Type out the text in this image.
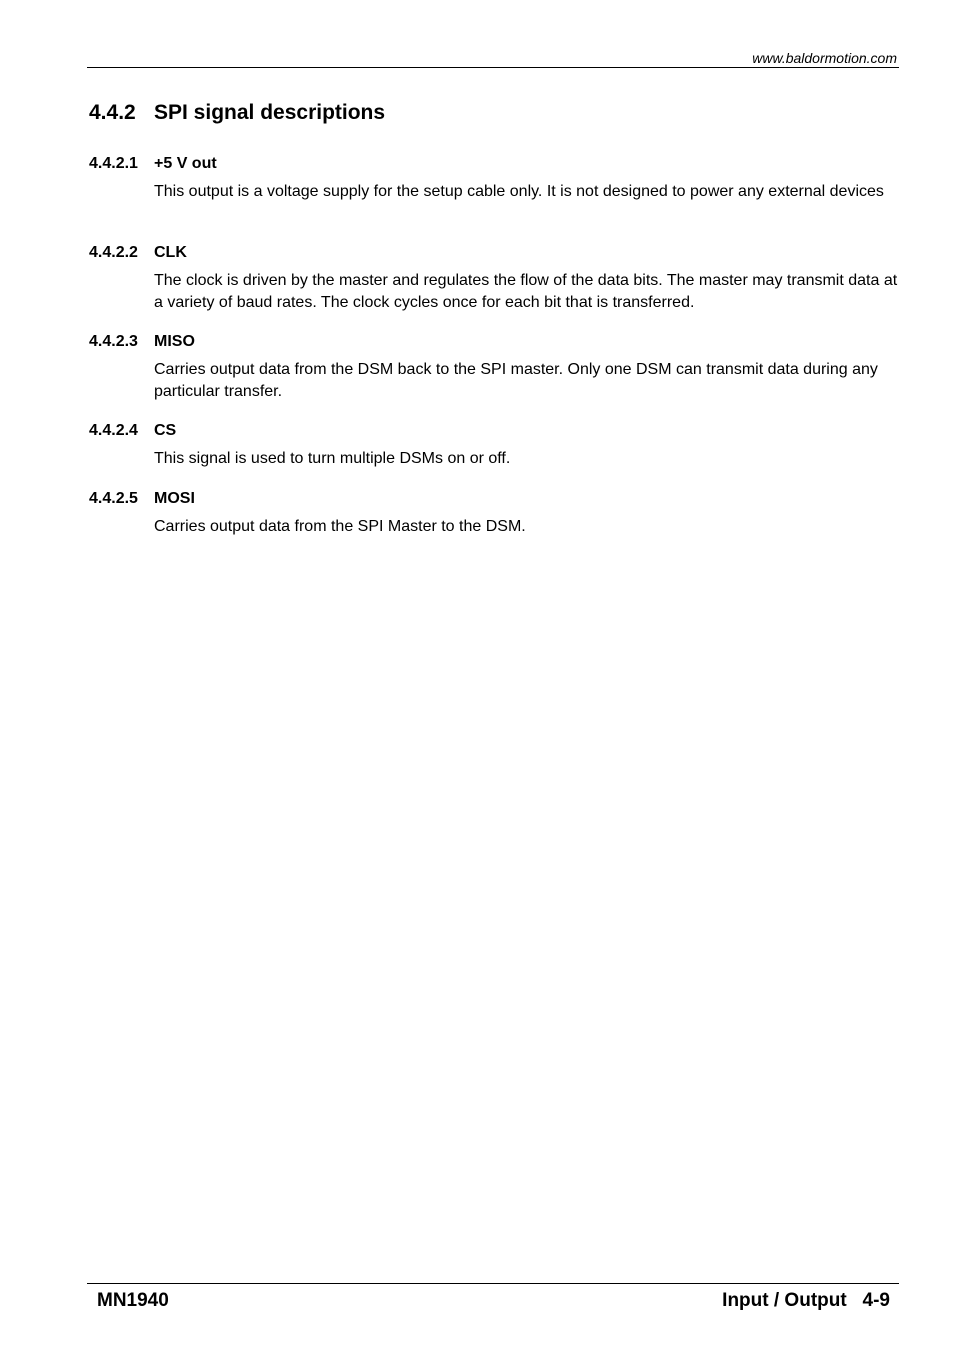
www.baldormotion.com
4.4.2 SPI signal descriptions
4.4.2.1 +5 V out
This output is a voltage supply for the setup cable only. It is not designed to power any external devices
4.4.2.2 CLK
The clock is driven by the master and regulates the flow of the data bits. The master may transmit data at a variety of baud rates. The clock cycles once for each bit that is transferred.
4.4.2.3 MISO
Carries output data from the DSM back to the SPI master. Only one DSM can transmit data during any particular transfer.
4.4.2.4 CS
This signal is used to turn multiple DSMs on or off.
4.4.2.5 MOSI
Carries output data from the SPI Master to the DSM.
MN1940	Input / Output 4-9
